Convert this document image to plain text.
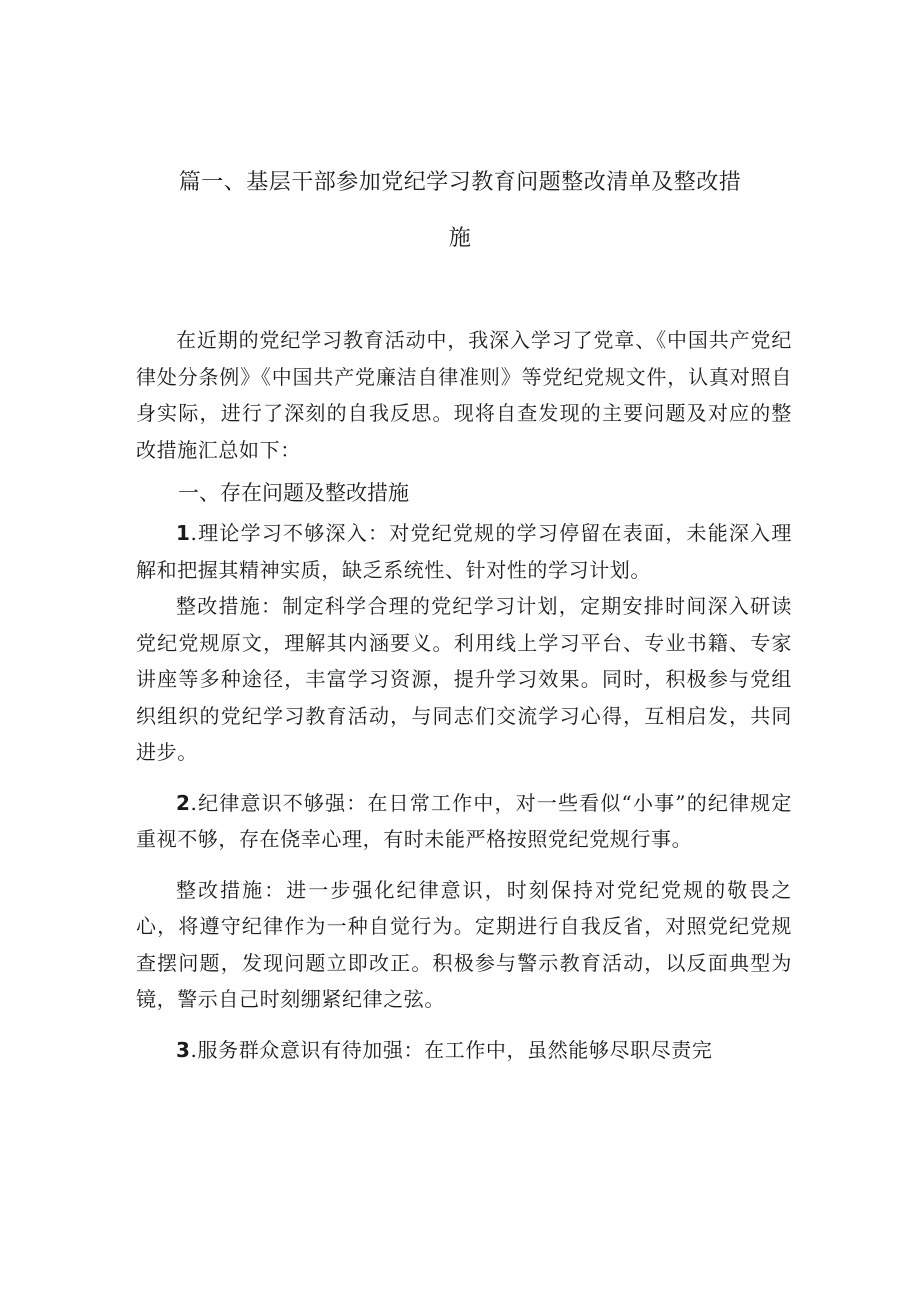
篇一、基层干部参加党纪学习教育问题整改清单及整改措
施

在近期的党纪学习教育活动中，我深入学习了党章、《中国共产党纪律处分条例》《中国共产党廉洁自律准则》等党纪党规文件，认真对照自身实际，进行了深刻的自我反思。现将自查发现的主要问题及对应的整改措施汇总如下：

一、存在问题及整改措施

1.理论学习不够深入：对党纪党规的学习停留在表面，未能深入理解和把握其精神实质，缺乏系统性、针对性的学习计划。

整改措施：制定科学合理的党纪学习计划，定期安排时间深入研读党纪党规原文，理解其内涵要义。利用线上学习平台、专业书籍、专家讲座等多种途径，丰富学习资源，提升学习效果。同时，积极参与党组织组织的党纪学习教育活动，与同志们交流学习心得，互相启发，共同进步。

2.纪律意识不够强：在日常工作中，对一些看似“小事”的纪律规定重视不够，存在侥幸心理，有时未能严格按照党纪党规行事。

整改措施：进一步强化纪律意识，时刻保持对党纪党规的敬畏之心，将遵守纪律作为一种自觉行为。定期进行自我反省，对照党纪党规查摆问题，发现问题立即改正。积极参与警示教育活动，以反面典型为镜，警示自己时刻绷紧纪律之弦。

3.服务群众意识有待加强：在工作中，虽然能够尽职尽责完
